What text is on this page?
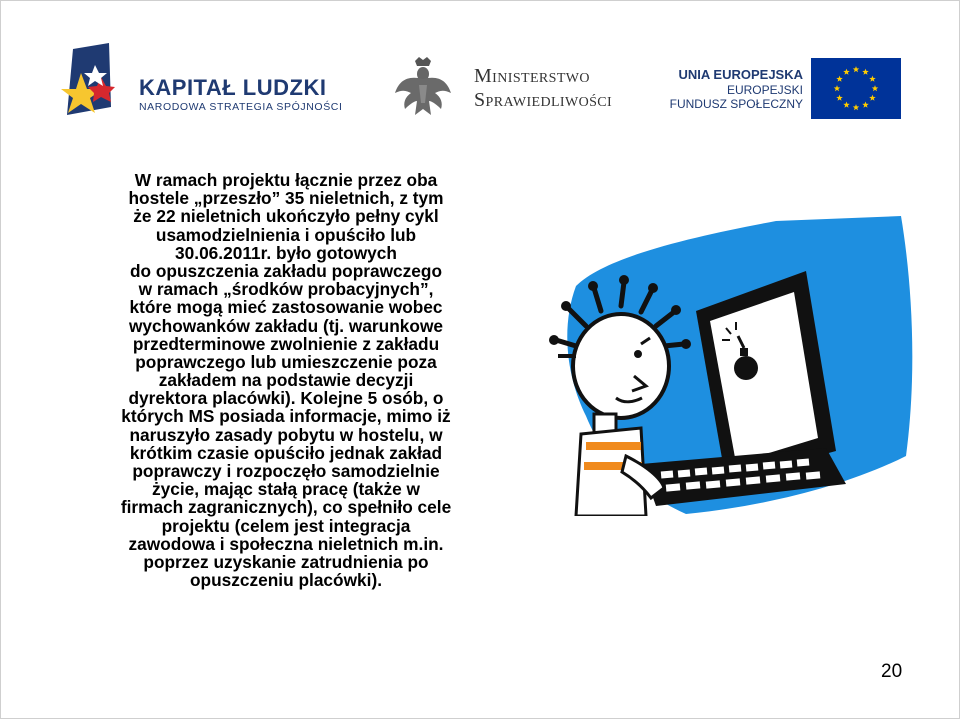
KAPITAŁ LUDZKI
NARODOWA STRATEGIA SPÓJNOŚCI
Ministerstwo
Sprawiedliwości
UNIA EUROPEJSKA
EUROPEJSKI
FUNDUSZ SPOŁECZNY
W ramach projektu łącznie przez oba
hostele „przeszło” 35 nieletnich, z tym
że 22 nieletnich ukończyło pełny cykl
usamodzielnienia i opuściło lub
30.06.2011r. było gotowych
do opuszczenia zakładu poprawczego
w ramach „środków probacyjnych”,
które mogą mieć zastosowanie wobec
wychowanków zakładu (tj. warunkowe
przedterminowe zwolnienie z zakładu
poprawczego lub umieszczenie poza
zakładem na podstawie decyzji
dyrektora placówki). Kolejne 5 osób, o
których MS posiada informacje, mimo iż
naruszyło zasady pobytu w hostelu, w
krótkim czasie opuściło jednak zakład
poprawczy i rozpoczęło samodzielnie
życie, mając stałą pracę (także w
firmach zagranicznych), co spełniło cele
projektu (celem jest integracja
zawodowa i społeczna nieletnich m.in.
poprzez uzyskanie zatrudnienia po
opuszczeniu placówki).
20
